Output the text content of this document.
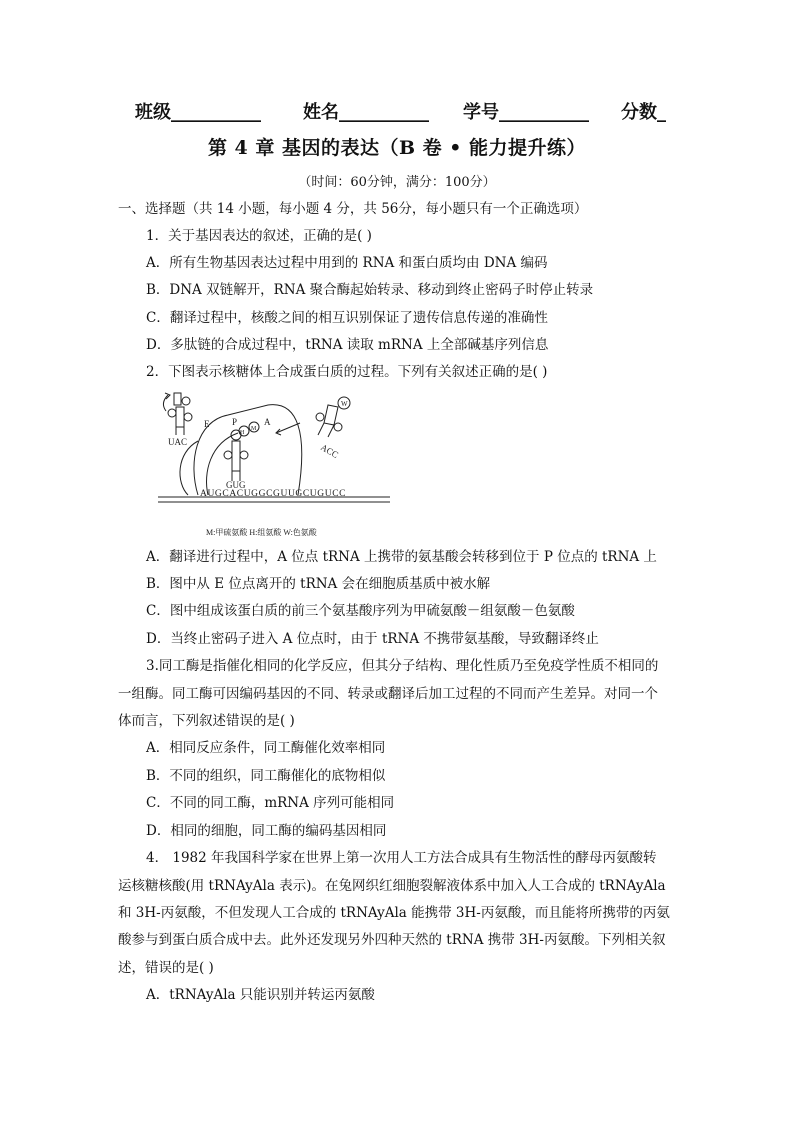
班级__________ 姓名__________ 学号__________ 分数_
第 4 章 基因的表达（B 卷 • 能力提升练）
（时间：60分钟，满分：100分）
一、选择题（共 14 小题，每小题 4 分，共 56分，每小题只有一个正确选项）
1．关于基因表达的叙述，正确的是( )
A．所有生物基因表达过程中用到的 RNA 和蛋白质均由 DNA 编码
B．DNA 双链解开，RNA 聚合酶起始转录、移动到终止密码子时停止转录
C．翻译过程中，核酸之间的相互识别保证了遗传信息传递的准确性
D．多肽链的合成过程中，tRNA 读取 mRNA 上全部碱基序列信息
2．下图表示核糖体上合成蛋白质的过程。下列有关叙述正确的是( )
UAC
E	P	A
H
M
GUG
W
ACC
AUGCACUGGCGUUGCUGUCC
M:甲硫氨酸 H:组氨酸 W:色氨酸
A．翻译进行过程中，A 位点 tRNA 上携带的氨基酸会转移到位于 P 位点的 tRNA 上
B．图中从 E 位点离开的 tRNA 会在细胞质基质中被水解
C．图中组成该蛋白质的前三个氨基酸序列为甲硫氨酸－组氨酸－色氨酸
D．当终止密码子进入 A 位点时，由于 tRNA 不携带氨基酸，导致翻译终止
3.同工酶是指催化相同的化学反应，但其分子结构、理化性质乃至免疫学性质不相同的
一组酶。同工酶可因编码基因的不同、转录或翻译后加工过程的不同而产生差异。对同一个
体而言，下列叙述错误的是( )
A．相同反应条件，同工酶催化效率相同
B．不同的组织，同工酶催化的底物相似
C．不同的同工酶，mRNA 序列可能相同
D．相同的细胞，同工酶的编码基因相同
4． 1982 年我国科学家在世界上第一次用人工方法合成具有生物活性的酵母丙氨酸转
运核糖核酸(用 tRNAyAla 表示)。在兔网织红细胞裂解液体系中加入人工合成的 tRNAyAla
和 3H-丙氨酸，不但发现人工合成的 tRNAyAla 能携带 3H-丙氨酸，而且能将所携带的丙氨
酸参与到蛋白质合成中去。此外还发现另外四种天然的 tRNA 携带 3H-丙氨酸。下列相关叙
述，错误的是( )
A．tRNAyAla 只能识别并转运丙氨酸
